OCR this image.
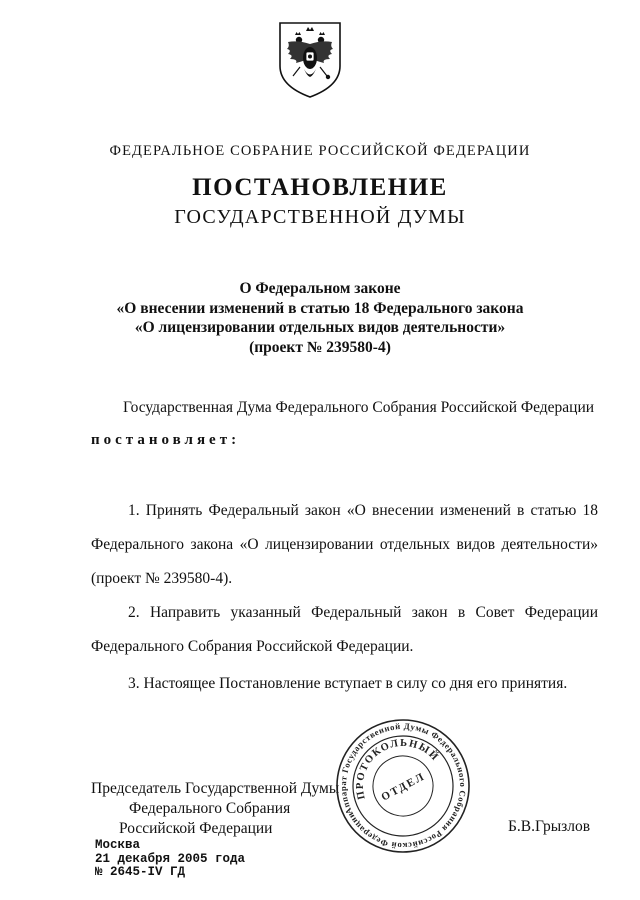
ФЕДЕРАЛЬНОЕ СОБРАНИЕ РОССИЙСКОЙ ФЕДЕРАЦИИ
ПОСТАНОВЛЕНИЕ
ГОСУДАРСТВЕННОЙ ДУМЫ
О Федеральном законе
«О внесении изменений в статью 18 Федерального закона
«О лицензировании отдельных видов деятельности»
(проект № 239580-4)
Государственная Дума Федерального Собрания Российской Федерации
постановляет:
1. Принять Федеральный закон «О внесении изменений в статью 18
Федерального закона «О лицензировании отдельных видов деятельности»
(проект № 239580-4).
2. Направить указанный Федеральный закон в Совет Федерации
Федерального Собрания Российской Федерации.
3. Настоящее Постановление вступает в силу со дня его принятия.
Председатель Государственной Думы
Федерального Собрания
Российской Федерации
Аппарат Государственной Думы Федерального Собрания Российской Федерации
ПРОТОКОЛЬНЫЙ
ОТДЕЛ
Б.В.Грызлов
Москва
21 декабря 2005 года
№ 2645-IV ГД
